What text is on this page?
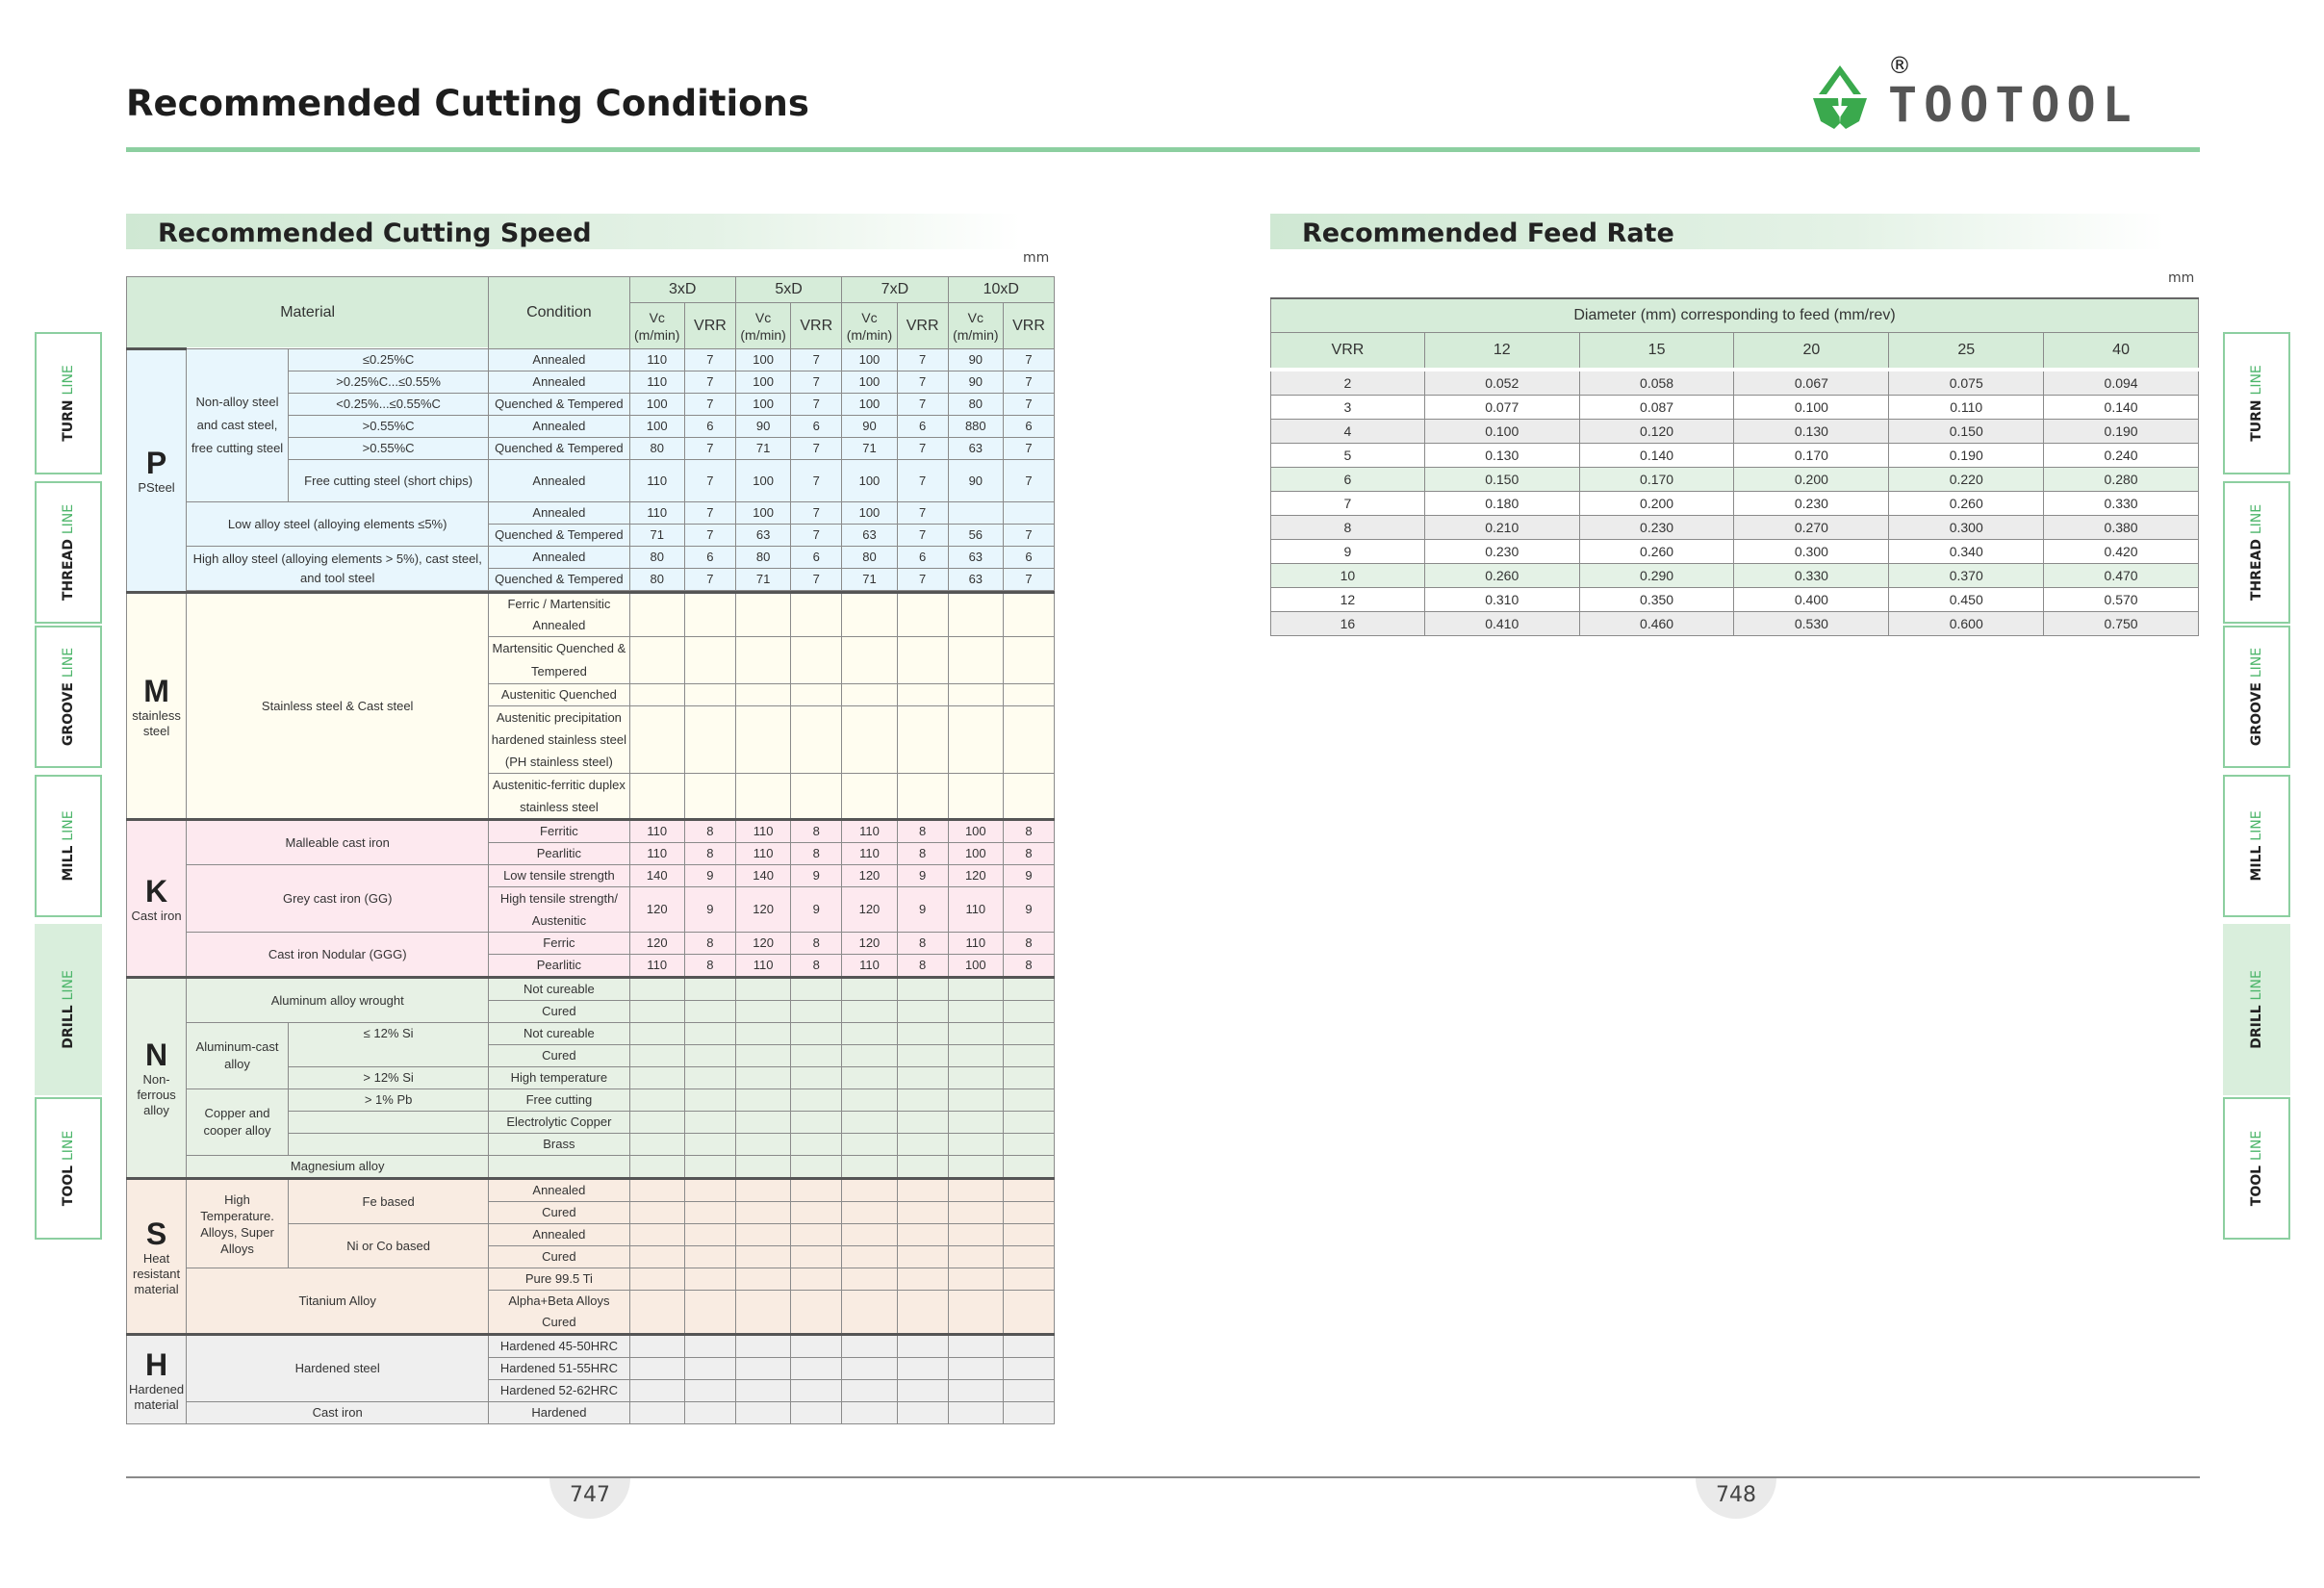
Recommended Cutting Conditions	TOOTOOL
®
Recommended Cutting Speed	Recommended Feed Rate
mm
mm
Material			Condition	3xD		5xD		7xD		10xD	
				Vc (m/min)	VRR	Vc (m/min)	VRR	Vc (m/min)	VRR	Vc (m/min)	VRR

P
PSteel	Non-alloy steel and cast steel, free cutting steel	≤0.25%C	Annealed	110	7	100	7	100	7	90	7
		>0.25%C...≤0.55%	Annealed	110	7	100	7	100	7	90	7
		<0.25%...≤0.55%C	Quenched & Tempered	100	7	100	7	100	7	80	7
		>0.55%C	Annealed	100	6	90	6	90	6	880	6
		>0.55%C	Quenched & Tempered	80	7	71	7	71	7	63	7
		Free cutting steel (short chips)	Annealed	110	7	100	7	100	7	90	7
	Low alloy steel (alloying elements ≤5%)		Annealed	110	7	100	7	100	7		
			Quenched & Tempered	71	7	63	7	63	7	56	7
	High alloy steel (alloying elements > 5%), cast steel, and tool steel		Annealed	80	6	80	6	80	6	63	6
			Quenched & Tempered	80	7	71	7	71	7	63	7

M
stainless steel	Stainless steel & Cast steel		Ferric / Martensitic Annealed								
			Martensitic Quenched & Tempered								
			Austenitic Quenched								
			Austenitic precipitation hardened stainless steel (PH stainless steel)								
			Austenitic-ferritic duplex stainless steel								

K
Cast iron	Malleable cast iron		Ferritic	110	8	110	8	110	8	100	8
			Pearlitic	110	8	110	8	110	8	100	8
	Grey cast iron (GG)		Low tensile strength	140	9	140	9	120	9	120	9
			High tensile strength/ Austenitic	120	9	120	9	120	9	110	9
	Cast iron Nodular (GGG)		Ferric	120	8	120	8	120	8	110	8
			Pearlitic	110	8	110	8	110	8	100	8

N
Non-ferrous alloy	Aluminum alloy wrought		Not cureable								
			Cured								
	Aluminum-cast alloy	≤ 12% Si	Not cureable								
			Cured								
		> 12% Si	High temperature								
	Copper and cooper alloy	> 1% Pb	Free cutting								
			Electrolytic Copper								
			Brass								
	Magnesium alloy										

S
Heat resistant material	High Temperature. Alloys, Super Alloys	Fe based	Annealed								
			Cured								
		Ni or Co based	Annealed								
			Cured								
	Titanium Alloy		Pure 99.5 Ti								
			Alpha+Beta Alloys Cured								

H
Hardened material	Hardened steel		Hardened 45-50HRC								
			Hardened 51-55HRC								
			Hardened 52-62HRC								
	Cast iron		Hardened								
Diameter (mm) corresponding to feed (mm/rev)					
VRR	12	15	20	25	40
2	0.052	0.058	0.067	0.075	0.094
3	0.077	0.087	0.100	0.110	0.140
4	0.100	0.120	0.130	0.150	0.190
5	0.130	0.140	0.170	0.190	0.240
6	0.150	0.170	0.200	0.220	0.280
7	0.180	0.200	0.230	0.260	0.330
8	0.210	0.230	0.270	0.300	0.380
9	0.230	0.260	0.300	0.340	0.420
10	0.260	0.290	0.330	0.370	0.470
12	0.310	0.350	0.400	0.450	0.570
16	0.410	0.460	0.530	0.600	0.750
TURN LINE
THREAD LINE
GROOVE LINE
MILL LINE
DRILL LINE
TOOL LINE
TURN LINE
THREAD LINE
GROOVE LINE
MILL LINE
DRILL LINE
TOOL LINE
747	748
